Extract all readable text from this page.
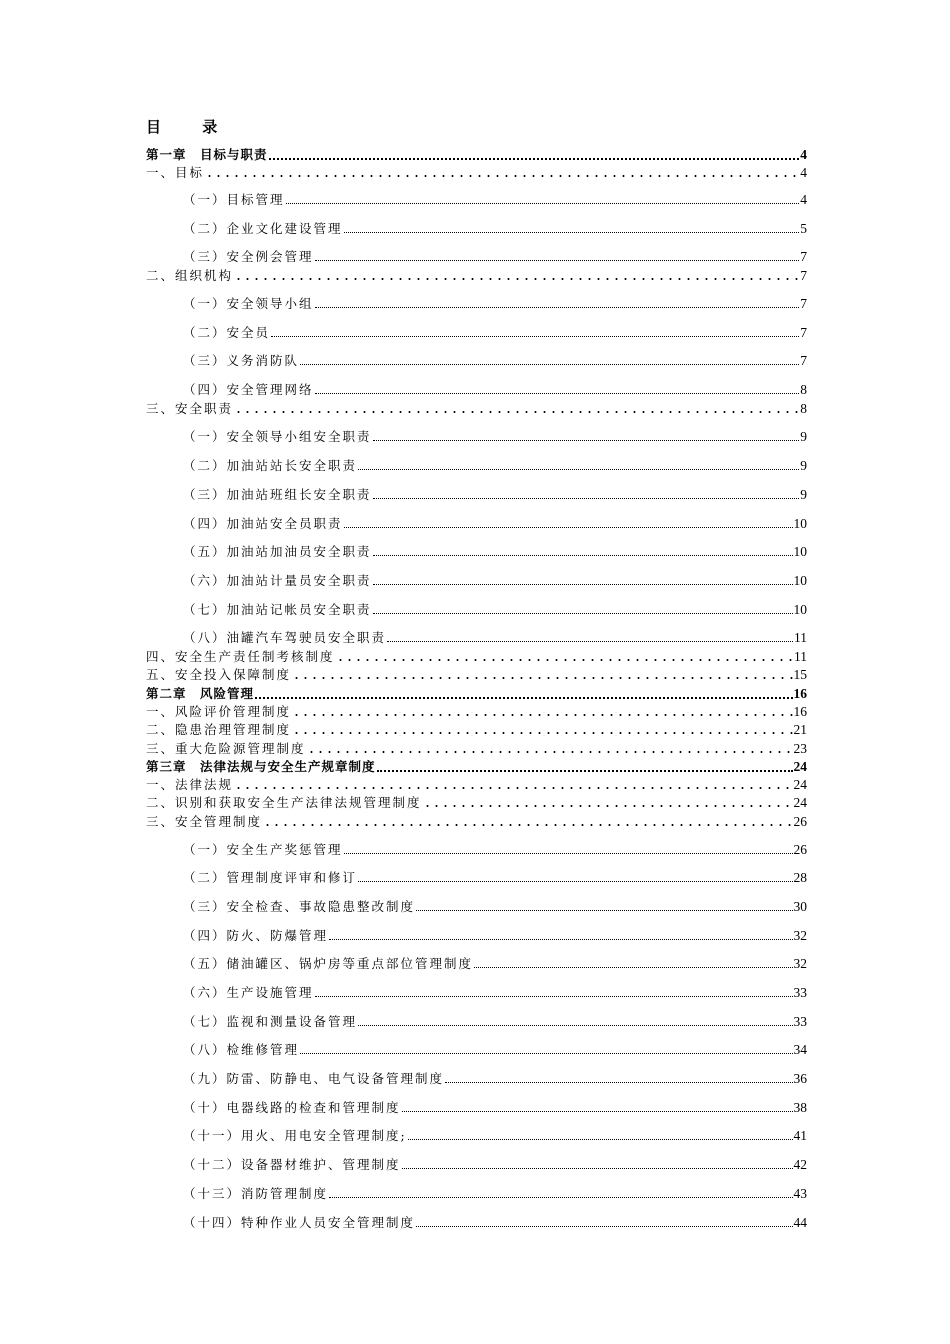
目 录
第一章　目标与职责	4
一、目标	4
（一）目标管理	4
（二）企业文化建设管理	5
（三）安全例会管理	7
二、组织机构	7
（一）安全领导小组	7
（二）安全员	7
（三）义务消防队	7
（四）安全管理网络	8
三、安全职责	8
（一）安全领导小组安全职责	9
（二）加油站站长安全职责	9
（三）加油站班组长安全职责	9
（四）加油站安全员职责	10
（五）加油站加油员安全职责	10
（六）加油站计量员安全职责	10
（七）加油站记帐员安全职责	10
（八）油罐汽车驾驶员安全职责	11
四、安全生产责任制考核制度	11
五、安全投入保障制度	15
第二章　风险管理	16
一、风险评价管理制度	16
二、隐患治理管理制度	21
三、重大危险源管理制度	23
第三章　法律法规与安全生产规章制度	24
一、法律法规	24
二、识别和获取安全生产法律法规管理制度	24
三、安全管理制度	26
（一）安全生产奖惩管理	26
（二）管理制度评审和修订	28
（三）安全检查、事故隐患整改制度	30
（四）防火、防爆管理	32
（五）储油罐区、锅炉房等重点部位管理制度	32
（六）生产设施管理	33
（七）监视和测量设备管理	33
（八）检维修管理	34
（九）防雷、防静电、电气设备管理制度	36
（十）电器线路的检查和管理制度	38
（十一）用火、用电安全管理制度;	41
（十二）设备器材维护、管理制度	42
（十三）消防管理制度	43
（十四）特种作业人员安全管理制度	44
